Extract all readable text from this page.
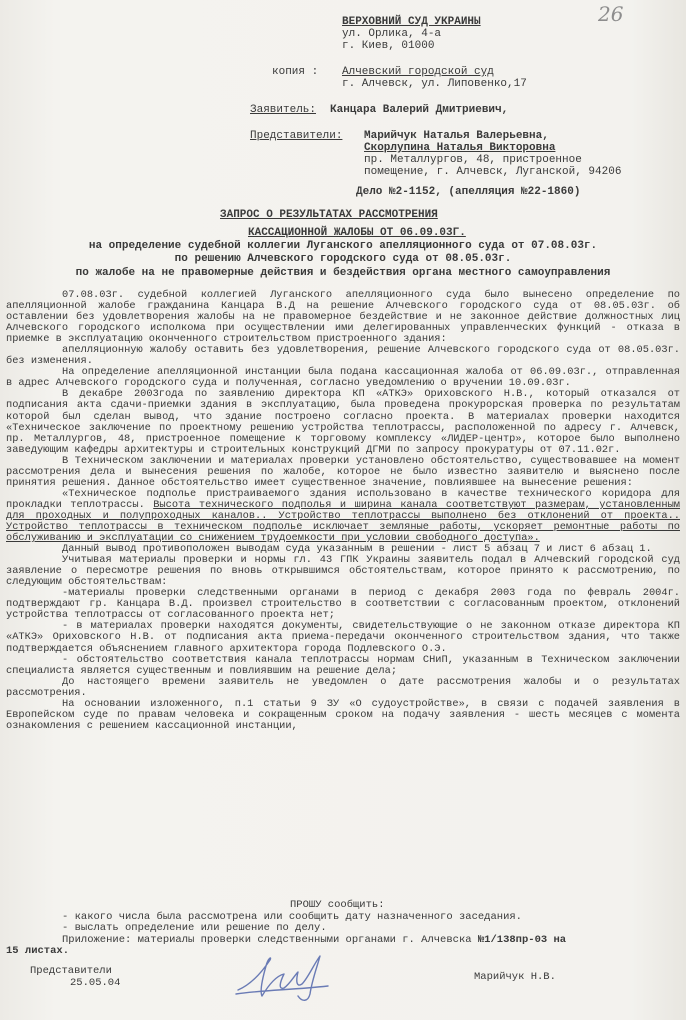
26
ВЕРХОВНИЙ СУД УКРАИНЫ
ул. Орлика, 4-а
г. Киев, 01000
копия : Алчевский городской суд
г. Алчевск, ул. Липовенко,17
Заявитель: Канцара Валерий Дмитриевич,
Представители: Марийчук Наталья Валерьевна,
Скорлупина Наталья Викторовна
пр. Металлургов, 48, пристроенное
помещение, г. Алчевск, Луганской, 94206
Дело №2-1152, (апелляция №22-1860)
ЗАПРОС О РЕЗУЛЬТАТАХ РАССМОТРЕНИЯ
КАССАЦИОННОЙ ЖАЛОБЫ ОТ 06.09.03Г.
на определение судебной коллегии Луганского апелляционного суда от 07.08.03г.
по решению Алчевского городского суда от 08.05.03г.
по жалобе на не правомерные действия и бездействия органа местного самоуправления

07.08.03г. судебной коллегией Луганского апелляционного суда было вынесено определение по апелляционной жалобе гражданина Канцара В.Д на решение Алчевского городского суда от 08.05.03г. об оставлении без удовлетворения жалобы на не правомерное бездействие и не законное действие должностных лиц Алчевского городского исполкома при осуществлении ими делегированных управленческих функций - отказа в приемке в эксплуатацию оконченного строительством пристроенного здания:

апелляционную жалобу оставить без удовлетворения, решение Алчевского городского суда от 08.05.03г. без изменения.

На определение апелляционной инстанции была подана кассационная жалоба от 06.09.03г., отправленная в адрес Алчевского городского суда и полученная, согласно уведомлению о вручении 10.09.03г.

В декабре 2003года по заявлению директора КП «АТКЭ» Ориховского Н.В., который отказался от подписания акта сдачи-приемки здания в эксплуатацию, была проведена прокурорская проверка по результатам которой был сделан вывод, что здание построено согласно проекта. В материалах проверки находится «Техническое заключение по проектному решению устройства теплотрассы, расположенной по адресу г. Алчевск, пр. Металлургов, 48, пристроенное помещение к торговому комплексу «ЛИДЕР-центр», которое было выполнено заведующим кафедры архитектуры и строительных конструкций ДГМИ по запросу прокуратуры от 07.11.02г.

В Техническом заключении и материалах проверки установлено обстоятельство, существовавшее на момент рассмотрения дела и вынесения решения по жалобе, которое не было известно заявителю и выяснено после принятия решения. Данное обстоятельство имеет существенное значение, повлиявшее на вынесение решения:

«Техническое подполье пристраиваемого здания использовано в качестве технического коридора для прокладки теплотрассы. Высота технического подполья и ширина канала соответствуют размерам, установленным для проходных и полупроходных каналов.. Устройство теплотрассы выполнено без отклонений от проекта.. Устройство теплотрассы в техническом подполье исключает земляные работы, ускоряет ремонтные работы по обслуживанию и эксплуатации со снижением трудоемкости при условии свободного доступа».

Данный вывод противоположен выводам суда указанным в решении - лист 5 абзац 7 и лист 6 абзац 1.

Учитывая материалы проверки и нормы гл. 43 ГПК Украины заявитель подал в Алчевский городской суд заявление о пересмотре решения по вновь открывшимся обстоятельствам, которое принято к рассмотрению, по следующим обстоятельствам:

-материалы проверки следственными органами в период с декабря 2003 года по февраль 2004г. подтверждают гр. Канцара В.Д. произвел строительство в соответствии с согласованным проектом, отклонений устройства теплотрассы от согласованного проекта нет;

- в материалах проверки находятся документы, свидетельствующие о не законном отказе директора КП «АТКЭ» Ориховского Н.В. от подписания акта приема-передачи оконченного строительством здания, что также подтверждается объяснением главного архитектора города Подлевского О.Э.

- обстоятельство соответствия канала теплотрассы нормам СНиП, указанным в Техническом заключении специалиста является существенным и повлиявшим на решение дела;

До настоящего времени заявитель не уведомлен о дате рассмотрения жалобы и о результатах рассмотрения.

На основании изложенного, п.1 статьи 9 ЗУ «О судоустройстве», в связи с подачей заявления в Европейском суде по правам человека и сокращенным сроком на подачу заявления - шесть месяцев с момента ознакомления с решением кассационной инстанции,

ПРОШУ сообщить:
- какого числа была рассмотрена или сообщить дату назначенного заседания.
- выслать определение или решение по делу.
Приложение: материалы проверки следственными органами г. Алчевска №1/138пр-03 на
15 листах.
Представители
25.05.04	Марийчук Н.В.
